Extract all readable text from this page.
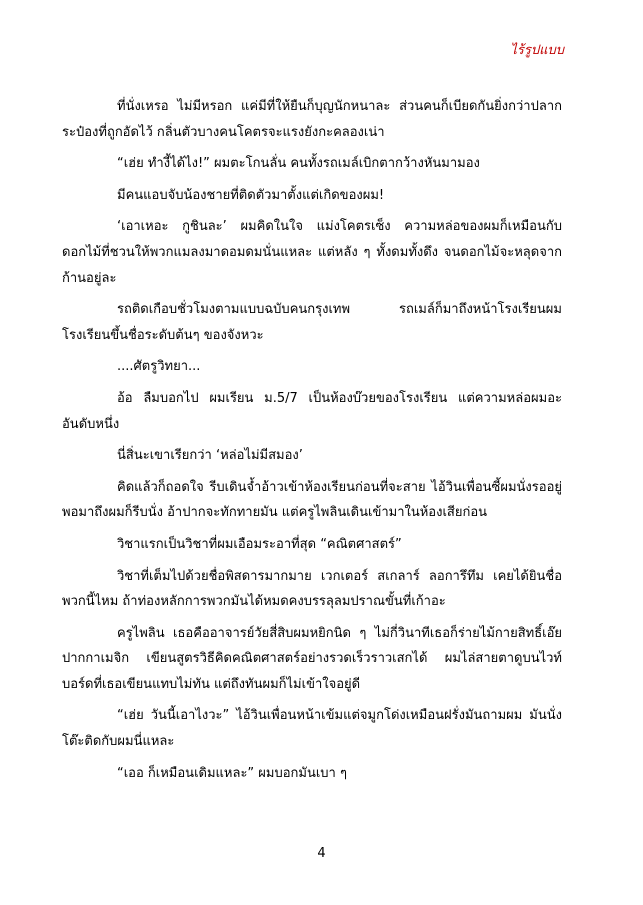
ไร้รูปแบบ

ที่นั่งเหรอ ไม่มีหรอก แค่มีที่ให้ยืนก็บุญนักหนาละ ส่วนคนก็เบียดกันยิ่งกว่าปลากระป๋องที่ถูกอัดไว้ กลิ่นตัวบางคนโคตรจะแรงยังกะคลองเน่า

“เฮ่ย ทำงี้ได้ไง!” ผมตะโกนลั่น คนทั้งรถเมล์เบิกตากว้างหันมามอง

มีคนแอบจับน้องชายที่ติดตัวมาตั้งแต่เกิดของผม!

‘เอาเหอะ กูชินละ’ ผมคิดในใจ แม่งโคตรเซ็ง ความหล่อของผมก็เหมือนกับดอกไม้ที่ชวนให้พวกแมลงมาดอมดมนั่นแหละ แต่หลัง ๆ ทั้งดมทั้งดึง จนดอกไม้จะหลุดจากก้านอยู่ละ

รถติดเกือบชั่วโมงตามแบบฉบับคนกรุงเทพ รถเมล์ก็มาถึงหน้าโรงเรียนผม โรงเรียนขึ้นชื่อระดับต้นๆ ของจังหวะ

....ศัตรูวิทยา...

อ้อ ลืมบอกไป ผมเรียน ม.5/7 เป็นห้องบ๊วยของโรงเรียน แต่ความหล่อผมอะอันดับหนึ่ง

นี่สิ่นะเขาเรียกว่า ‘หล่อไม่มีสมอง’

คิดแล้วก็ถอดใจ รีบเดินจ้ำอ้าวเข้าห้องเรียนก่อนที่จะสาย ไอ้วินเพื่อนซี้ผมนั่งรออยู่ พอมาถึงผมก็รีบนั่ง อ้าปากจะทักทายมัน แต่ครูไพลินเดินเข้ามาในห้องเสียก่อน

วิชาแรกเป็นวิชาที่ผมเอือมระอาที่สุด “คณิตศาสตร์”

วิชาที่เต็มไปด้วยชื่อพิสดารมากมาย เวกเตอร์ สเกลาร์ ลอการึทึม เคยได้ยินชื่อพวกนี้ไหม ถ้าท่องหลักการพวกมันได้หมดคงบรรลุลมปราณขั้นที่เก้าอะ

ครูไพลิน เธอคืออาจารย์วัยสี่สิบผมหยิกนิด ๆ ไม่กี่วินาทีเธอก็ร่ายไม้กายสิทธิ์เอ๊ย ปากกาเมจิก เขียนสูตรวิธีคิดคณิตศาสตร์อย่างรวดเร็วราวเสกได้ ผมไล่สายตาดูบนไวท์บอร์ดที่เธอเขียนแทบไม่ทัน แต่ถึงทันผมก็ไม่เข้าใจอยู่ดี

“เฮ่ย วันนี้เอาไงวะ” ไอ้วินเพื่อนหน้าเข้มแต่จมูกโด่งเหมือนฝรั่งมันถามผม มันนั่งโต๊ะติดกับผมนี่แหละ

“เออ ก็เหมือนเดิมแหละ” ผมบอกมันเบา ๆ

4
